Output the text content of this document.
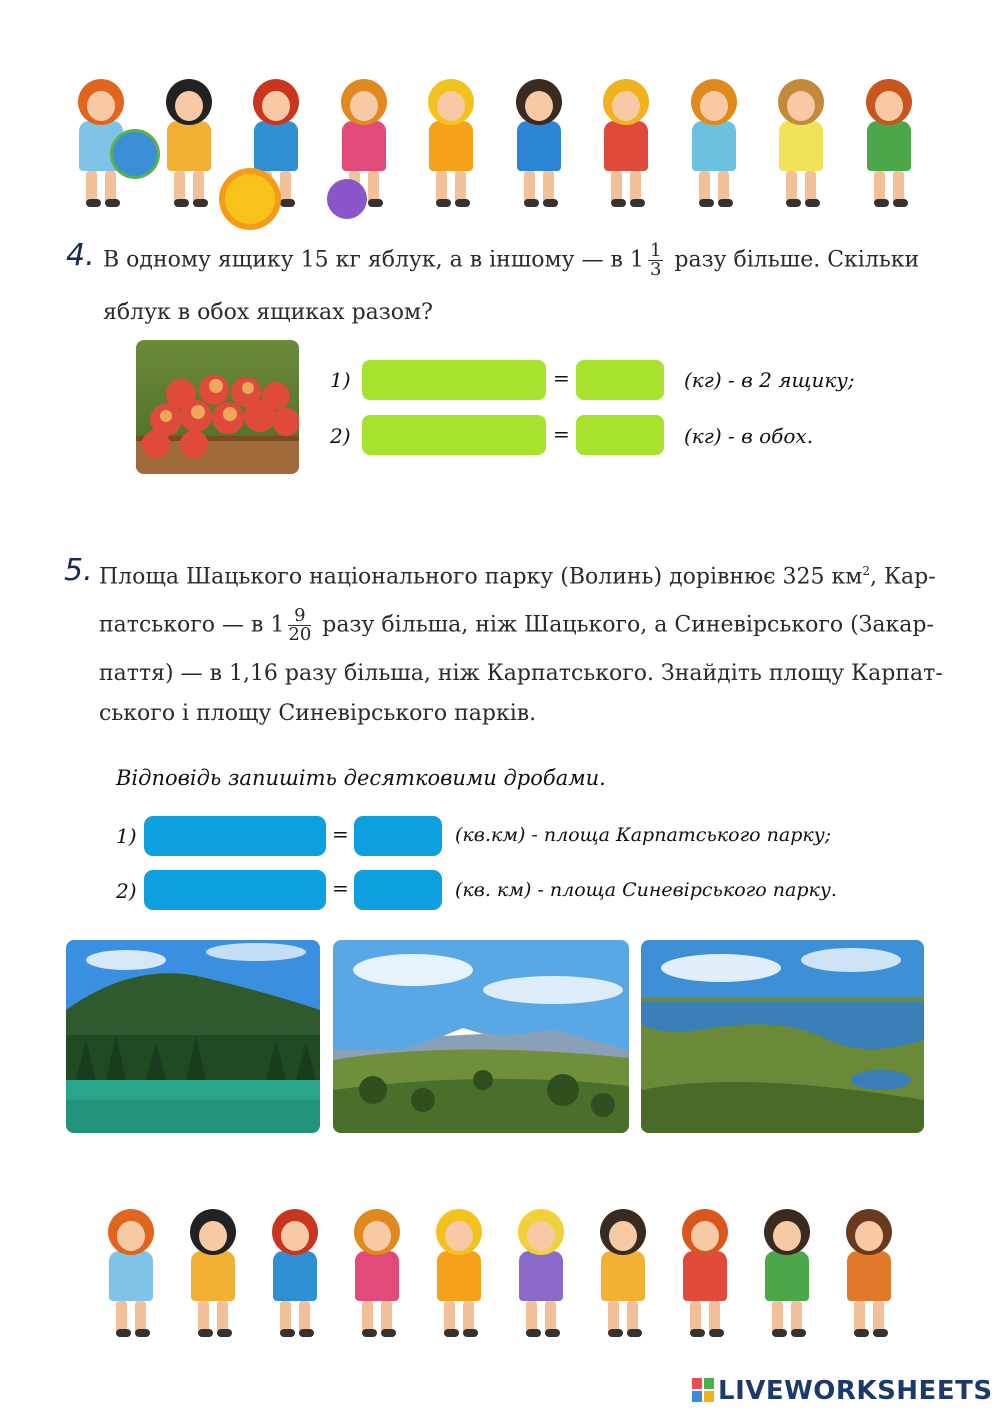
4. В одному ящику 15 кг яблук, а в іншому — в $1 \frac{1}{3}$ разу більше. Скільки
яблук в обох ящиках разом?
1)	=	(кг) - в 2 ящику;
2)	=	(кг) - в обох.
5. Площа Шацького національного парку (Волинь) дорівнює 325 $км^2$, Кар-
патського — в $1 \frac{9}{20}$ разу більша, ніж Шацького, а Синевірського (Закар-
паття) — в 1,16 разу більша, ніж Карпатського. Знайдіть площу Карпат-
ського і площу Синевірського парків.
Відповідь запишіть десятковими дробами.
1)	=	(кв.км) - площа Карпатського парку;
2)	=	(кв. км) - площа Синевірського парку.
LIVEWORKSHEETS
